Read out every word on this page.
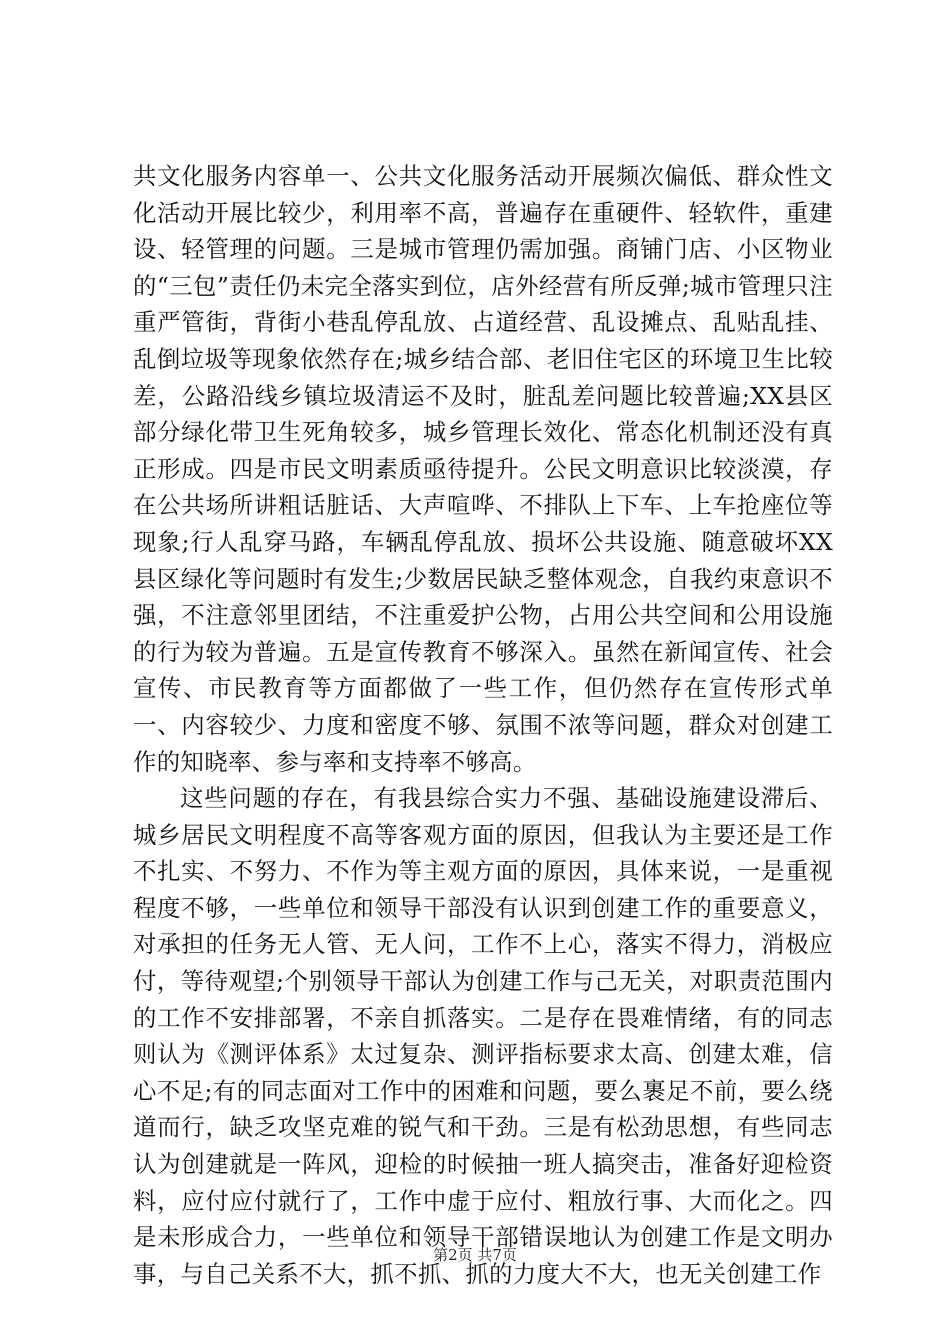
共文化服务内容单一、公共文化服务活动开展频次偏低、群众性文化活动开展比较少，利用率不高，普遍存在重硬件、轻软件，重建设、轻管理的问题。三是城市管理仍需加强。商铺门店、小区物业的“三包”责任仍未完全落实到位，店外经营有所反弹;城市管理只注重严管街，背街小巷乱停乱放、占道经营、乱设摊点、乱贴乱挂、乱倒垃圾等现象依然存在;城乡结合部、老旧住宅区的环境卫生比较差，公路沿线乡镇垃圾清运不及时，脏乱差问题比较普遍;XX县区部分绿化带卫生死角较多，城乡管理长效化、常态化机制还没有真正形成。四是市民文明素质亟待提升。公民文明意识比较淡漠，存在公共场所讲粗话脏话、大声喧哗、不排队上下车、上车抢座位等现象;行人乱穿马路，车辆乱停乱放、损坏公共设施、随意破坏XX县区绿化等问题时有发生;少数居民缺乏整体观念，自我约束意识不强，不注意邻里团结，不注重爱护公物，占用公共空间和公用设施的行为较为普遍。五是宣传教育不够深入。虽然在新闻宣传、社会宣传、市民教育等方面都做了一些工作，但仍然存在宣传形式单一、内容较少、力度和密度不够、氛围不浓等问题，群众对创建工作的知晓率、参与率和支持率不够高。

这些问题的存在，有我县综合实力不强、基础设施建设滞后、城乡居民文明程度不高等客观方面的原因，但我认为主要还是工作不扎实、不努力、不作为等主观方面的原因，具体来说，一是重视程度不够，一些单位和领导干部没有认识到创建工作的重要意义，对承担的任务无人管、无人问，工作不上心，落实不得力，消极应付，等待观望;个别领导干部认为创建工作与己无关，对职责范围内的工作不安排部署，不亲自抓落实。二是存在畏难情绪，有的同志则认为《测评体系》太过复杂、测评指标要求太高、创建太难，信心不足;有的同志面对工作中的困难和问题，要么裹足不前，要么绕道而行，缺乏攻坚克难的锐气和干劲。三是有松劲思想，有些同志认为创建就是一阵风，迎检的时候抽一班人搞突击，准备好迎检资料，应付应付就行了，工作中虚于应付、粗放行事、大而化之。四是未形成合力，一些单位和领导干部错误地认为创建工作是文明办事，与自己关系不大，抓不抓、抓的力度大不大，也无关创建工作

第2页 共7页
